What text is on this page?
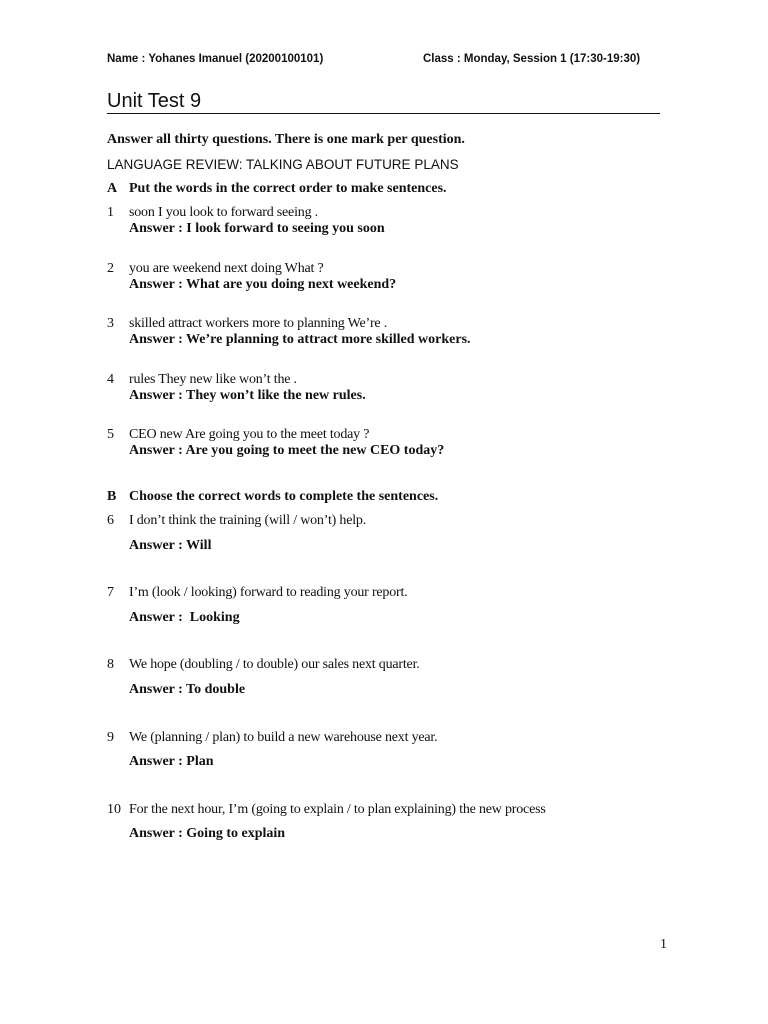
Name : Yohanes Imanuel (20200100101)	Class : Monday, Session 1 (17:30-19:30)
Unit Test 9
Answer all thirty questions. There is one mark per question.
LANGUAGE REVIEW: TALKING ABOUT FUTURE PLANS
A Put the words in the correct order to make sentences.
1 soon I you look to forward seeing .
Answer : I look forward to seeing you soon
2 you are weekend next doing What ?
Answer : What are you doing next weekend?
3 skilled attract workers more to planning We’re .
Answer : We’re planning to attract more skilled workers.
4 rules They new like won’t the .
Answer : They won’t like the new rules.
5 CEO new Are going you to the meet today ?
Answer : Are you going to meet the new CEO today?
B Choose the correct words to complete the sentences.
6 I don’t think the training (will / won’t) help.
Answer : Will
7 I’m (look / looking) forward to reading your report.
Answer :  Looking
8 We hope (doubling / to double) our sales next quarter.
Answer : To double
9 We (planning / plan) to build a new warehouse next year.
Answer : Plan
10 For the next hour, I’m (going to explain / to plan explaining) the new process
Answer : Going to explain
1
